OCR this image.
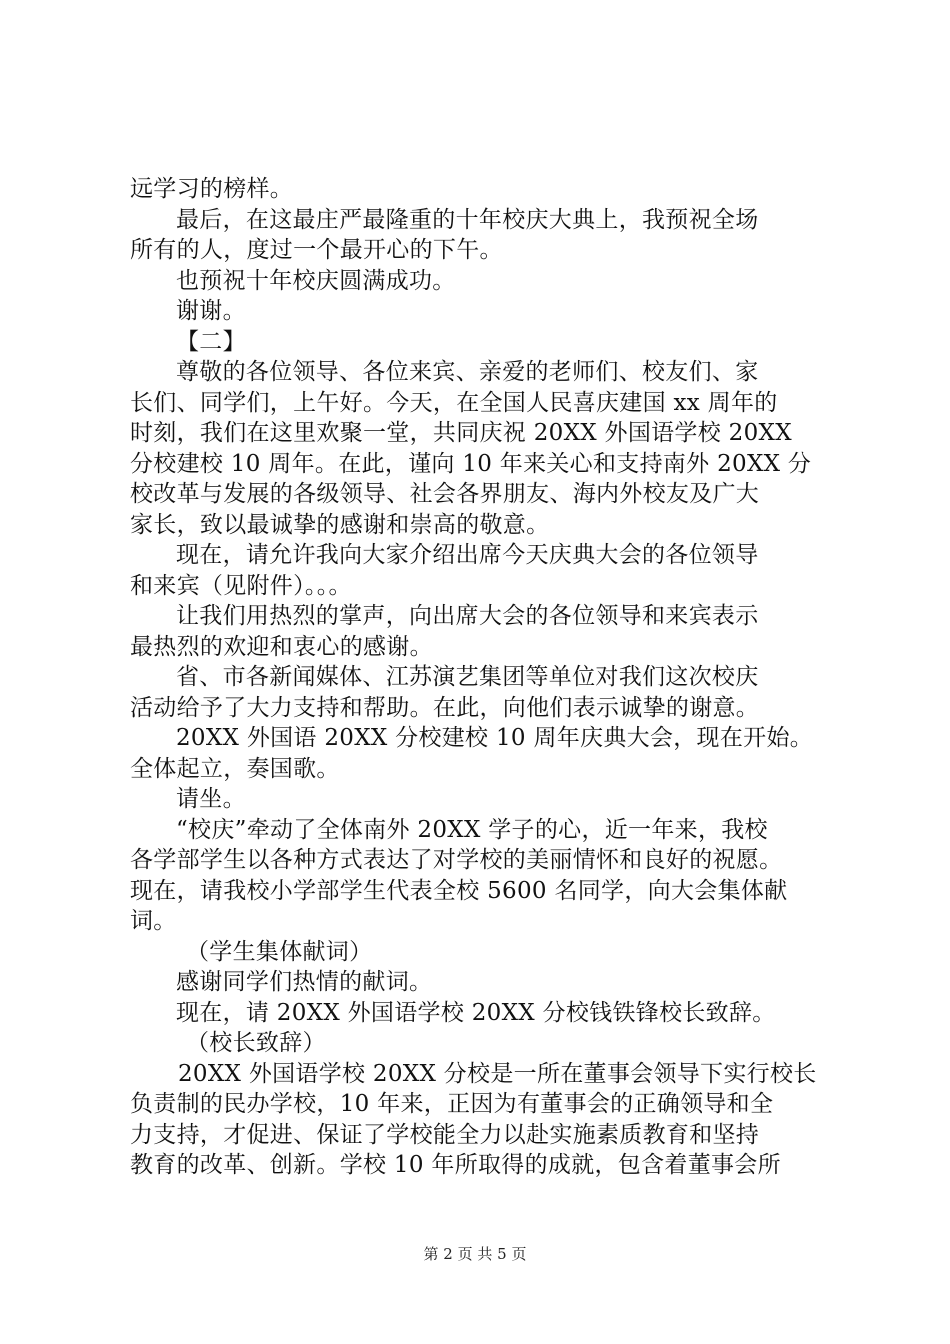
远学习的榜样。
最后，在这最庄严最隆重的十年校庆大典上，我预祝全场
所有的人，度过一个最开心的下午。
也预祝十年校庆圆满成功。
谢谢。
【二】
尊敬的各位领导、各位来宾、亲爱的老师们、校友们、家
长们、同学们，上午好。今天，在全国人民喜庆建国 xx 周年的
时刻，我们在这里欢聚一堂，共同庆祝 20XX 外国语学校 20XX
分校建校 10 周年。在此，谨向 10 年来关心和支持南外 20XX 分
校改革与发展的各级领导、社会各界朋友、海内外校友及广大
家长，致以最诚挚的感谢和崇高的敬意。
现在，请允许我向大家介绍出席今天庆典大会的各位领导
和来宾（见附件）。。。
让我们用热烈的掌声，向出席大会的各位领导和来宾表示
最热烈的欢迎和衷心的感谢。
省、市各新闻媒体、江苏演艺集团等单位对我们这次校庆
活动给予了大力支持和帮助。在此，向他们表示诚挚的谢意。
20XX 外国语 20XX 分校建校 10 周年庆典大会，现在开始。
全体起立，奏国歌。
请坐。
“校庆”牵动了全体南外 20XX 学子的心，近一年来，我校
各学部学生以各种方式表达了对学校的美丽情怀和良好的祝愿。
现在，请我校小学部学生代表全校 5600 名同学，向大会集体献
词。
（学生集体献词）
感谢同学们热情的献词。
现在，请 20XX 外国语学校 20XX 分校钱铁锋校长致辞。
（校长致辞）
20XX 外国语学校 20XX 分校是一所在董事会领导下实行校长
负责制的民办学校，10 年来，正因为有董事会的正确领导和全
力支持，才促进、保证了学校能全力以赴实施素质教育和坚持
教育的改革、创新。学校 10 年所取得的成就，包含着董事会所
第 2 页 共 5 页
